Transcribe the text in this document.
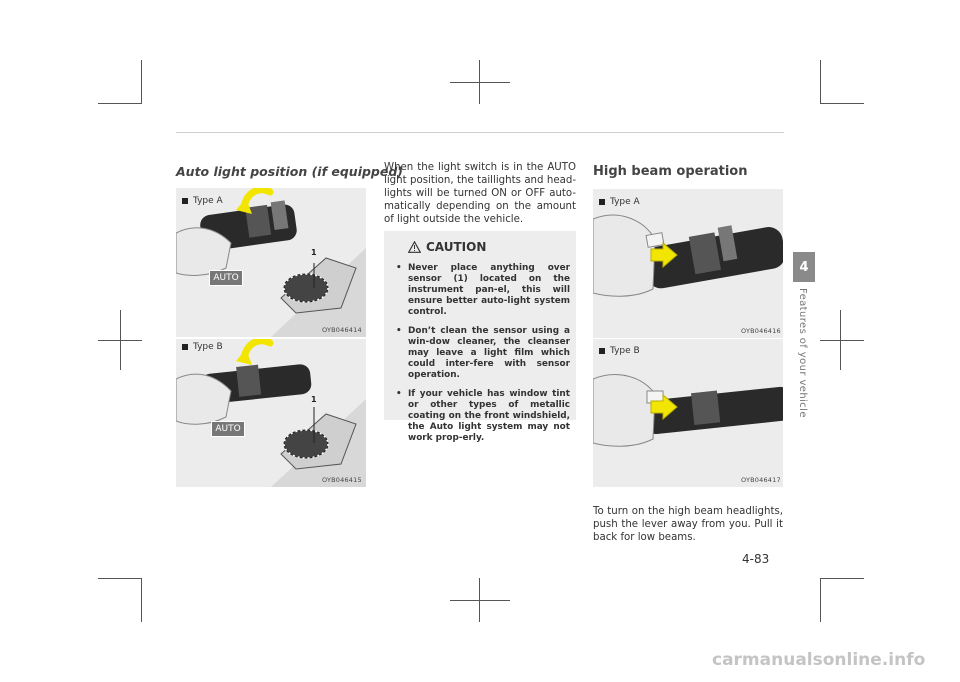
Auto light position (if equipped)
Type A
AUTO
1
OYB046414
Type B
AUTO
1
OYB046415
When the light switch is in the AUTO light position, the taillights and head-lights will be turned ON or OFF auto-matically depending on the amount of light outside the vehicle.
CAUTION
• Never place anything over sensor (1) located on the instrument pan-el, this will ensure better auto-light system control.
• Don’t clean the sensor using a win-dow cleaner, the cleanser may leave a light film which could inter-fere with sensor operation.
• If your vehicle has window tint or other types of metallic coating on the front windshield, the Auto light system may not work prop-erly.
High beam operation
Type A
OYB046416
Type B
OYB046417
To turn on the high beam headlights, push the lever away from you. Pull it back for low beams.
4
Features of your vehicle
4-83
carmanualsonline.info
